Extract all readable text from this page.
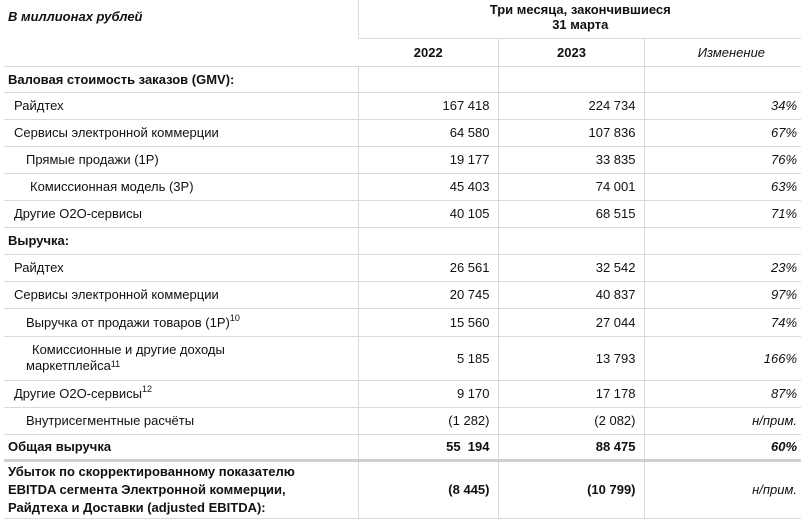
В миллионах рублей	Три месяца, закончившиеся
31 марта		

	2022	2023	Изменение
Валовая стоимость заказов (GMV):			
Райдтех	167 418	224 734	34%
Сервисы электронной коммерции	64 580	107 836	67%
Прямые продажи (1P)	19 177	33 835	76%
Комиссионная модель (3P)	45 403	74 001	63%
Другие O2O-сервисы	40 105	68 515	71%
Выручка:			
Райдтех	26 561	32 542	23%
Сервисы электронной коммерции	20 745	40 837	97%
Выручка от продажи товаров $(1P)^{10}$	15 560	27 044	74%

Комиссионные и другие доходы
маркетплейса$^{11}$	5 185	13 793	166%
Другие O2O-сервисы$^{12}$	9 170	17 178	87%
Внутрисегментные расчёты	(1 282)	(2 082)	н/прим.
Общая выручка	55  194	88 475	60%

Убыток по скорректированному показателю
EBITDA сегмента Электронной коммерции,
Райдтеха и Доставки (adjusted EBITDA):	(8 445)	(10 799)	н/прим.
